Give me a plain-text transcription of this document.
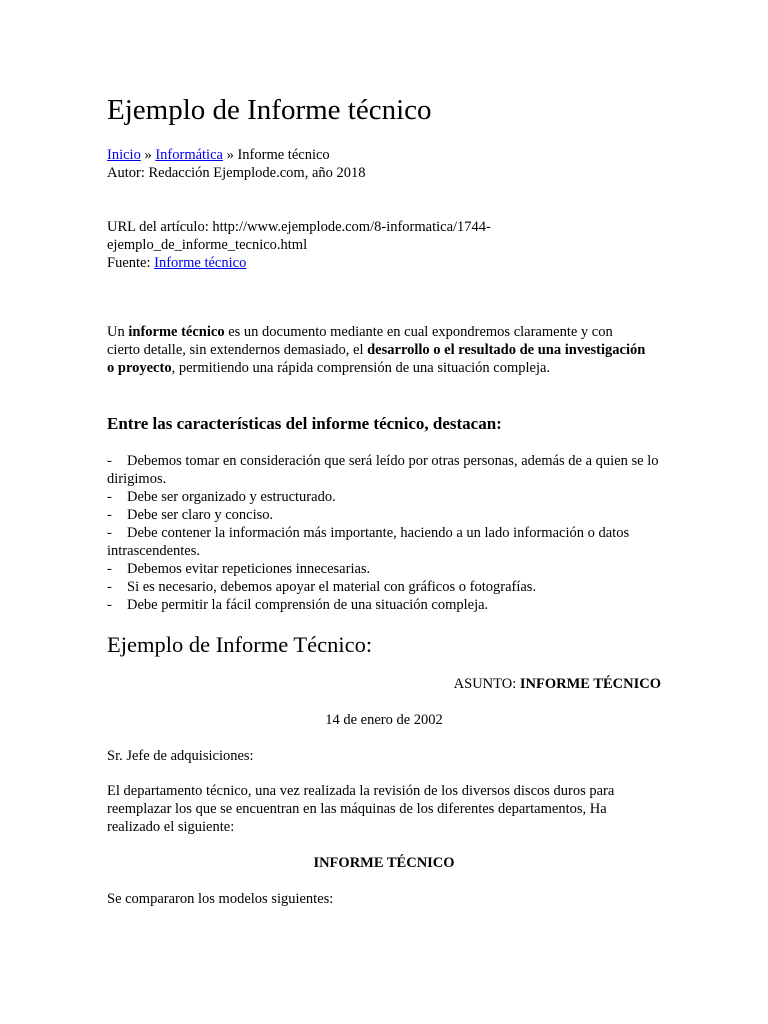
Ejemplo de Informe técnico
Inicio » Informática » Informe técnico
Autor: Redacción Ejemplode.com, año 2018
URL del artículo: http://www.ejemplode.com/8-informatica/1744-
ejemplo_de_informe_tecnico.html
Fuente: Informe técnico

Un informe técnico es un documento mediante en cual expondremos claramente y con cierto detalle, sin extendernos demasiado, el desarrollo o el resultado de una investigación o proyecto, permitiendo una rápida comprensión de una situación compleja.

Entre las características del informe técnico, destacan:
- Debemos tomar en consideración que será leído por otras personas, además de a quien se lo dirigimos.
- Debe ser organizado y estructurado.
- Debe ser claro y conciso.
- Debe contener la información más importante, haciendo a un lado información o datos intrascendentes.
- Debemos evitar repeticiones innecesarias.
- Si es necesario, debemos apoyar el material con gráficos o fotografías.
- Debe permitir la fácil comprensión de una situación compleja.
Ejemplo de Informe Técnico:
ASUNTO: INFORME TÉCNICO
14 de enero de 2002
Sr. Jefe de adquisiciones:

El departamento técnico, una vez realizada la revisión de los diversos discos duros para reemplazar los que se encuentran en las máquinas de los diferentes departamentos, Ha realizado el siguiente:

INFORME TÉCNICO
Se compararon los modelos siguientes:
